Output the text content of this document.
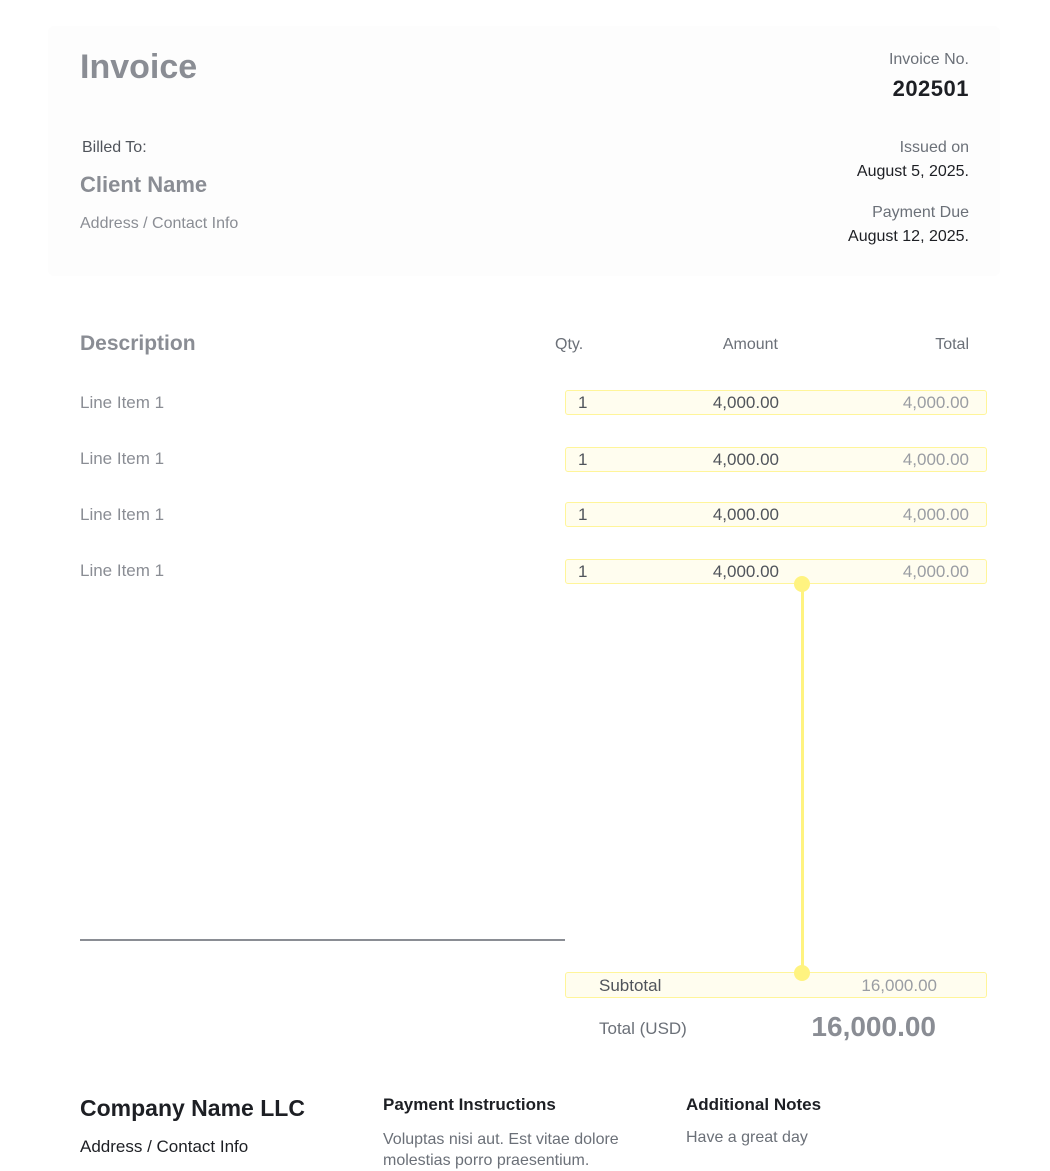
Invoice	Invoice No.
202501
Billed To:
Client Name
Address / Contact Info
Issued on
August 5, 2025.
Payment Due
August 12, 2025.
Description	Qty.	Amount	Total
Line Item 1	1	4,000.00	4,000.00
Line Item 1	1	4,000.00	4,000.00
Line Item 1	1	4,000.00	4,000.00
Line Item 1	1	4,000.00	4,000.00
Subtotal	16,000.00
Total (USD)	16,000.00
Company Name LLC
Address / Contact Info
Payment Instructions
Voluptas nisi aut. Est vitae dolore molestias porro praesentium.
Additional Notes
Have a great day
